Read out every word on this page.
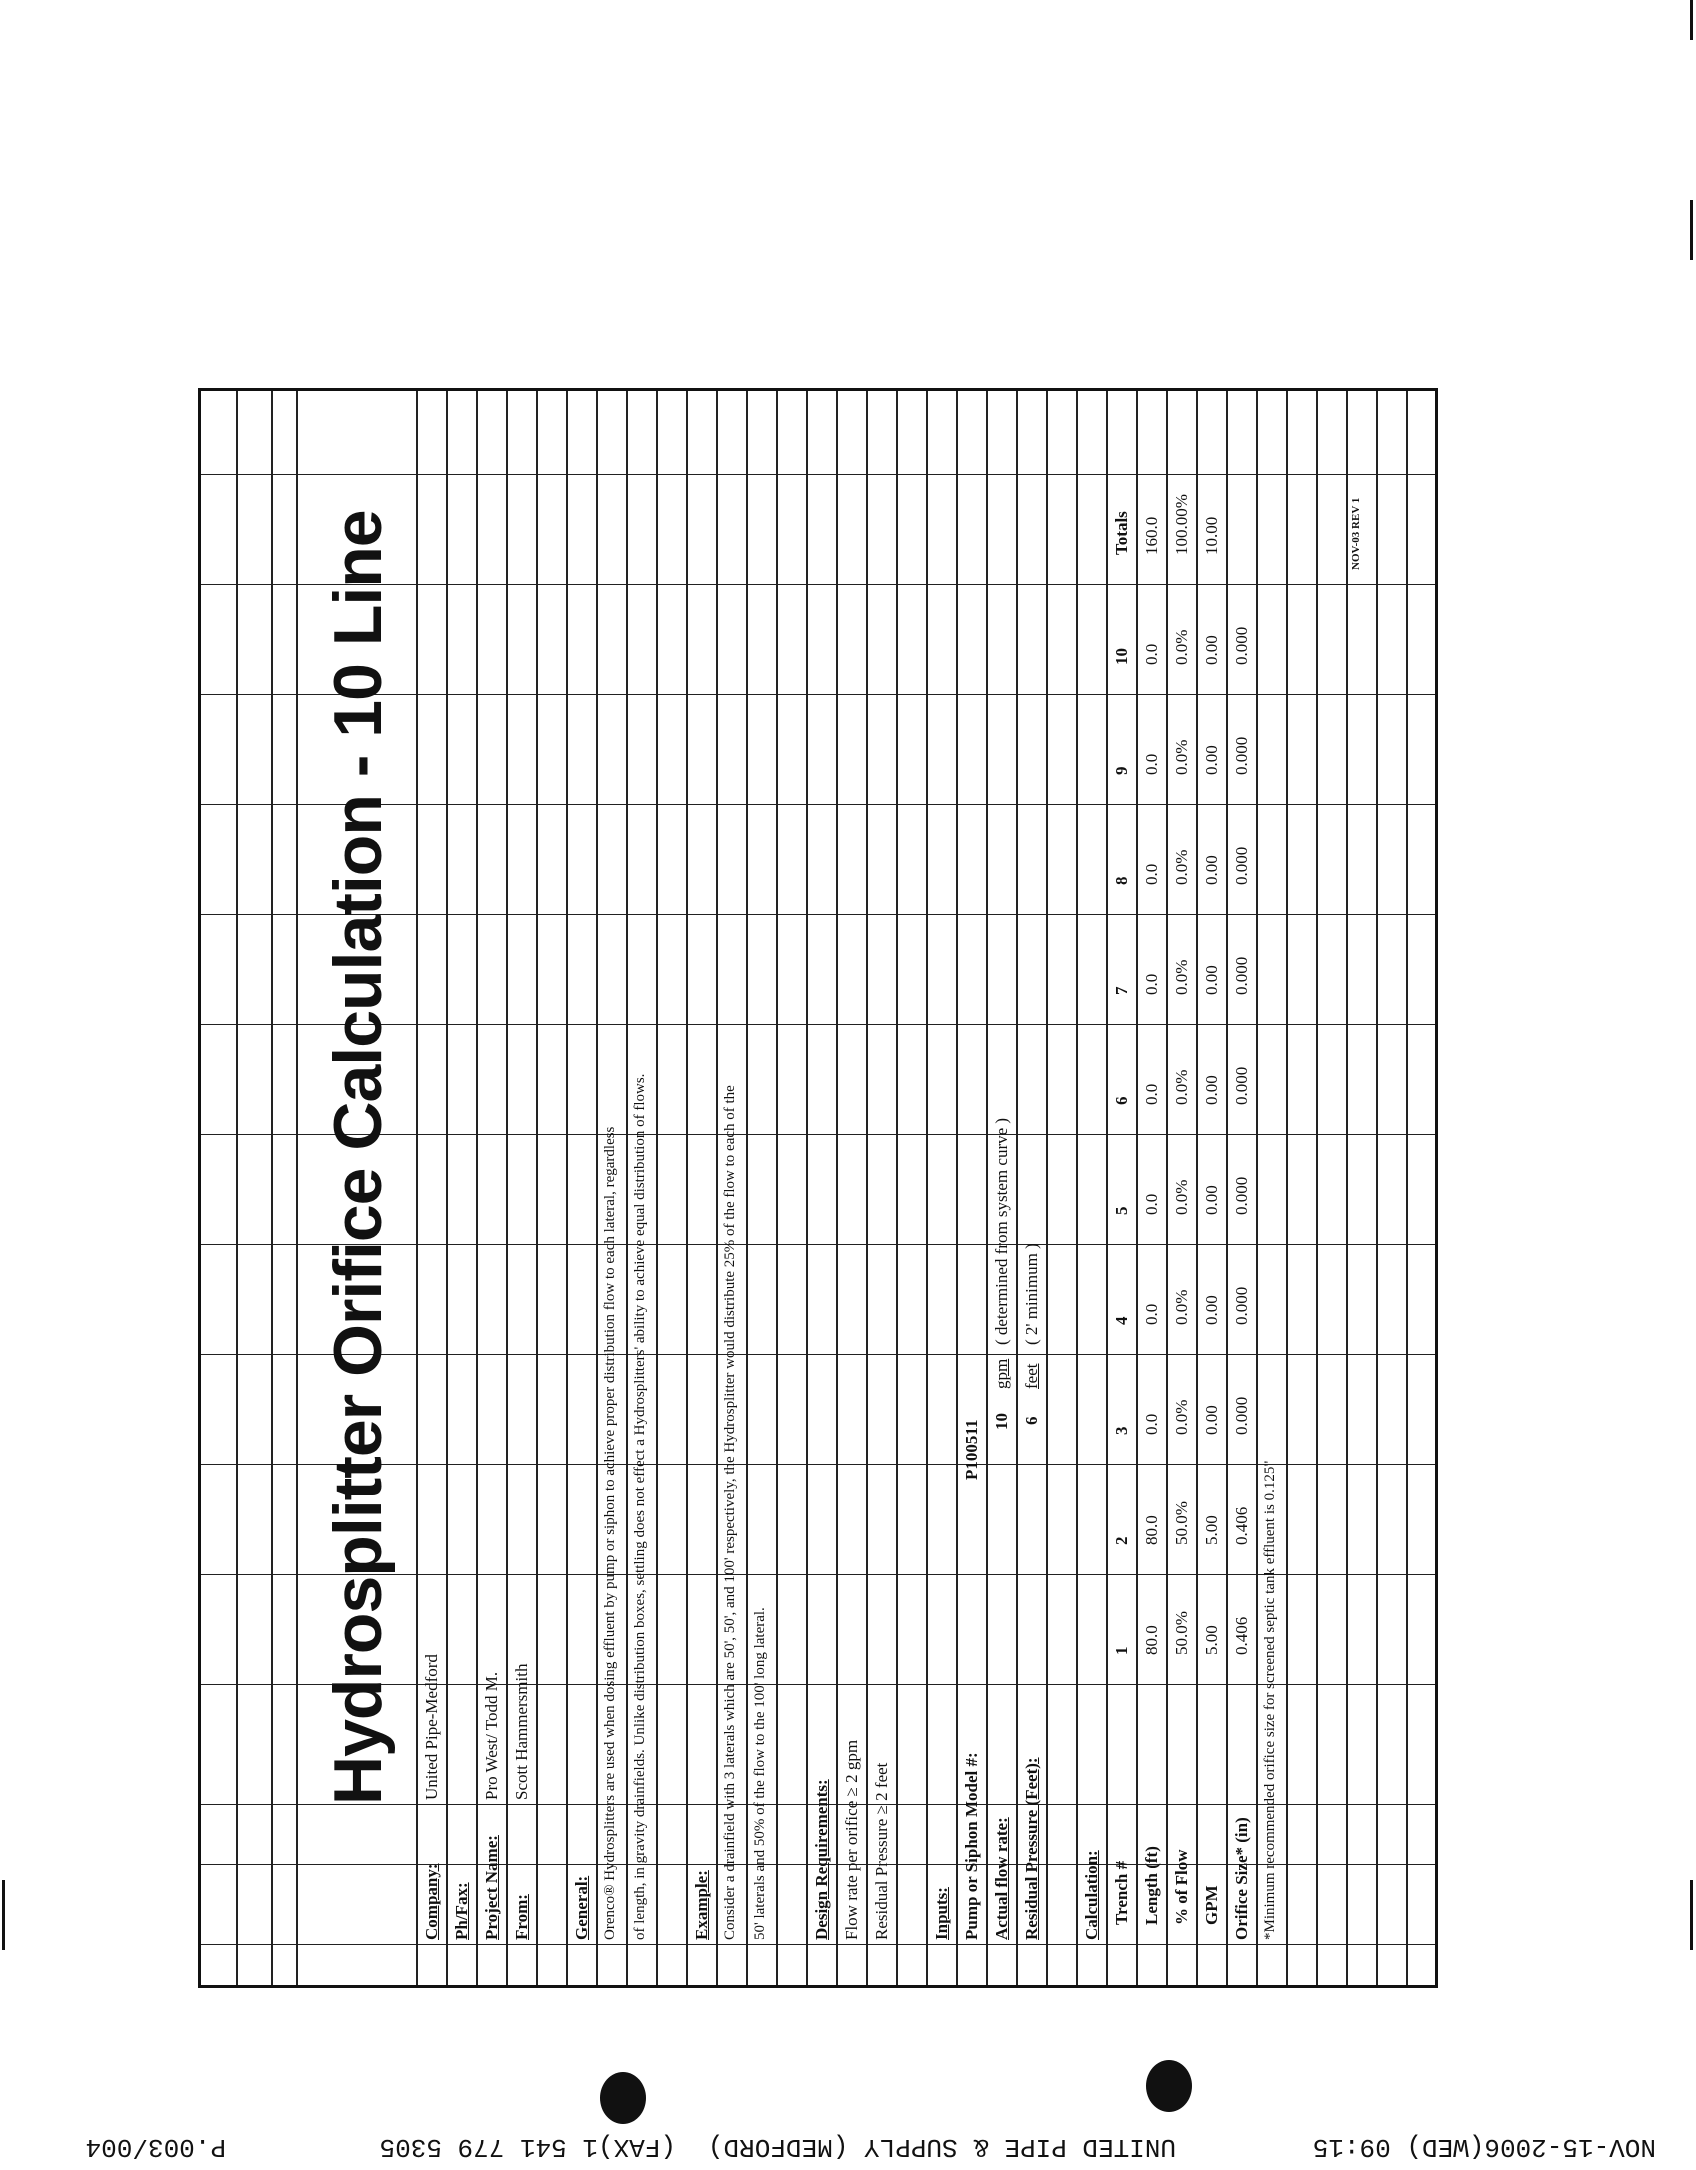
Hydrosplitter Orifice Calculation - 10 Line
Company:
United Pipe-Medford
Ph/Fax: Project Name:
Pro West/ Todd M.
From:
Scott Hammersmith
General: Orenco® Hydrosplitters are used when dosing effluent by pump or siphon to achieve proper distribution flow to each lateral, regardless of length, in gravity drainfields. Unlike distribution boxes, settling does not effect a Hydrosplitters' ability to achieve equal distribution of flows.	Example: Consider a drainfield with 3 laterals which are 50', 50', and 100' respectively, the Hydrosplitter would distribute 25% of the flow to each of the 50' laterals and 50% of the flow to the 100' long lateral.	Design Requirements: Flow rate per orifice ≥ 2 gpm Residual Pressure ≥ 2 feet Inputs: Pump or Siphon Model #:
P100511
Actual flow rate:
10
gpm
( determined from system curve )
Residual Pressure (Feet):
6
feet
( 2' minimum )
Calculation: Trench # Length (ft) % of Flow GPM Orifice Size* (in)
1 80.0 50.0% 5.00 0.406
2 80.0 50.0% 5.00 0.406
3 0.0 0.0% 0.00 0.000
4 0.0 0.0% 0.00 0.000
5 0.0 0.0% 0.00 0.000
6 0.0 0.0% 0.00 0.000
7 0.0 0.0% 0.00 0.000
8 0.0 0.0% 0.00 0.000
9 0.0 0.0% 0.00 0.000
10 0.0 0.0% 0.00 0.000
Totals 160.0 100.00% 10.00
*Minimum recommended orifice size for screened septic tank effluent is 0.125"
NOV-03 REV 1
NOV-15-2006(WED) 09:15
UNITED PIPE & SUPPLY (MEDFORD)
(FAX)1 541 779 5305
P.003/004
